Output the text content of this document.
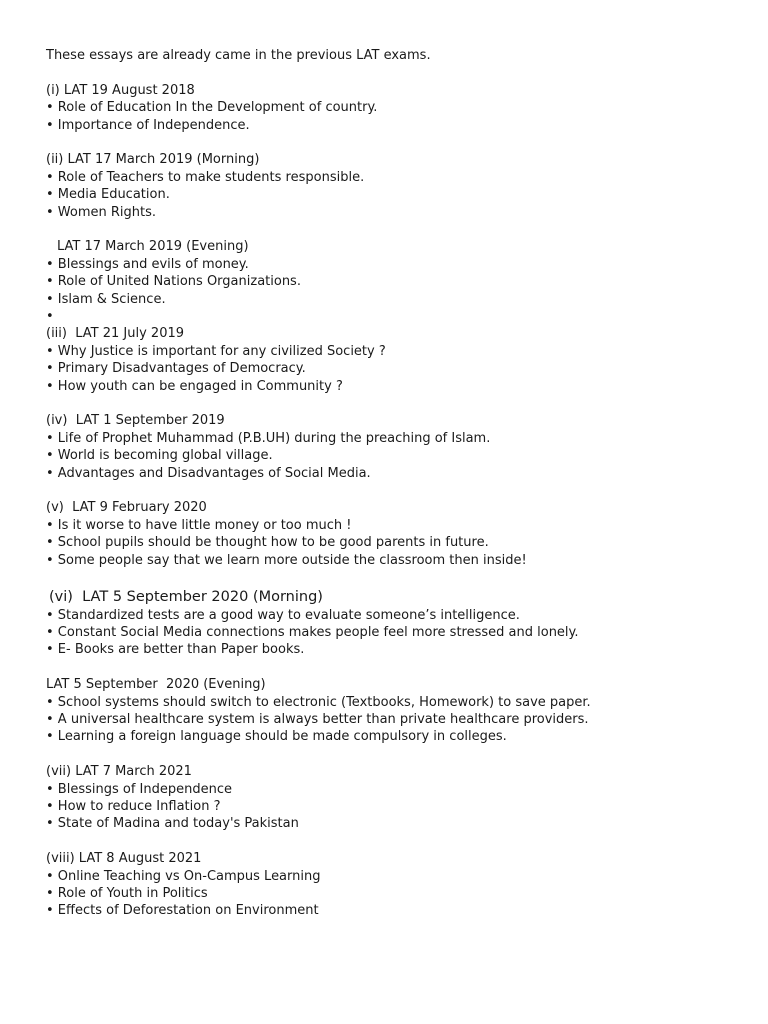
These essays are already came in the previous LAT exams.
(i) LAT 19 August 2018
• Role of Education In the Development of country.
• Importance of Independence.
(ii) LAT 17 March 2019 (Morning)
• Role of Teachers to make students responsible.
• Media Education.
• Women Rights.
LAT 17 March 2019 (Evening)
• Blessings and evils of money.
• Role of United Nations Organizations.
• Islam & Science.
•
(iii)  LAT 21 July 2019
• Why Justice is important for any civilized Society ?
• Primary Disadvantages of Democracy.
• How youth can be engaged in Community ?
(iv)  LAT 1 September 2019
• Life of Prophet Muhammad (P.B.UH) during the preaching of Islam.
• World is becoming global village.
• Advantages and Disadvantages of Social Media.
(v)  LAT 9 February 2020
• Is it worse to have little money or too much !
• School pupils should be thought how to be good parents in future.
• Some people say that we learn more outside the classroom then inside!
(vi)  LAT 5 September 2020 (Morning)
• Standardized tests are a good way to evaluate someone’s intelligence.
• Constant Social Media connections makes people feel more stressed and lonely.
• E- Books are better than Paper books.
LAT 5 September  2020 (Evening)
• School systems should switch to electronic (Textbooks, Homework) to save paper.
• A universal healthcare system is always better than private healthcare providers.
• Learning a foreign language should be made compulsory in colleges.
(vii) LAT 7 March 2021
• Blessings of Independence
• How to reduce Inflation ?
• State of Madina and today's Pakistan
(viii) LAT 8 August 2021
• Online Teaching vs On-Campus Learning
• Role of Youth in Politics
• Effects of Deforestation on Environment
